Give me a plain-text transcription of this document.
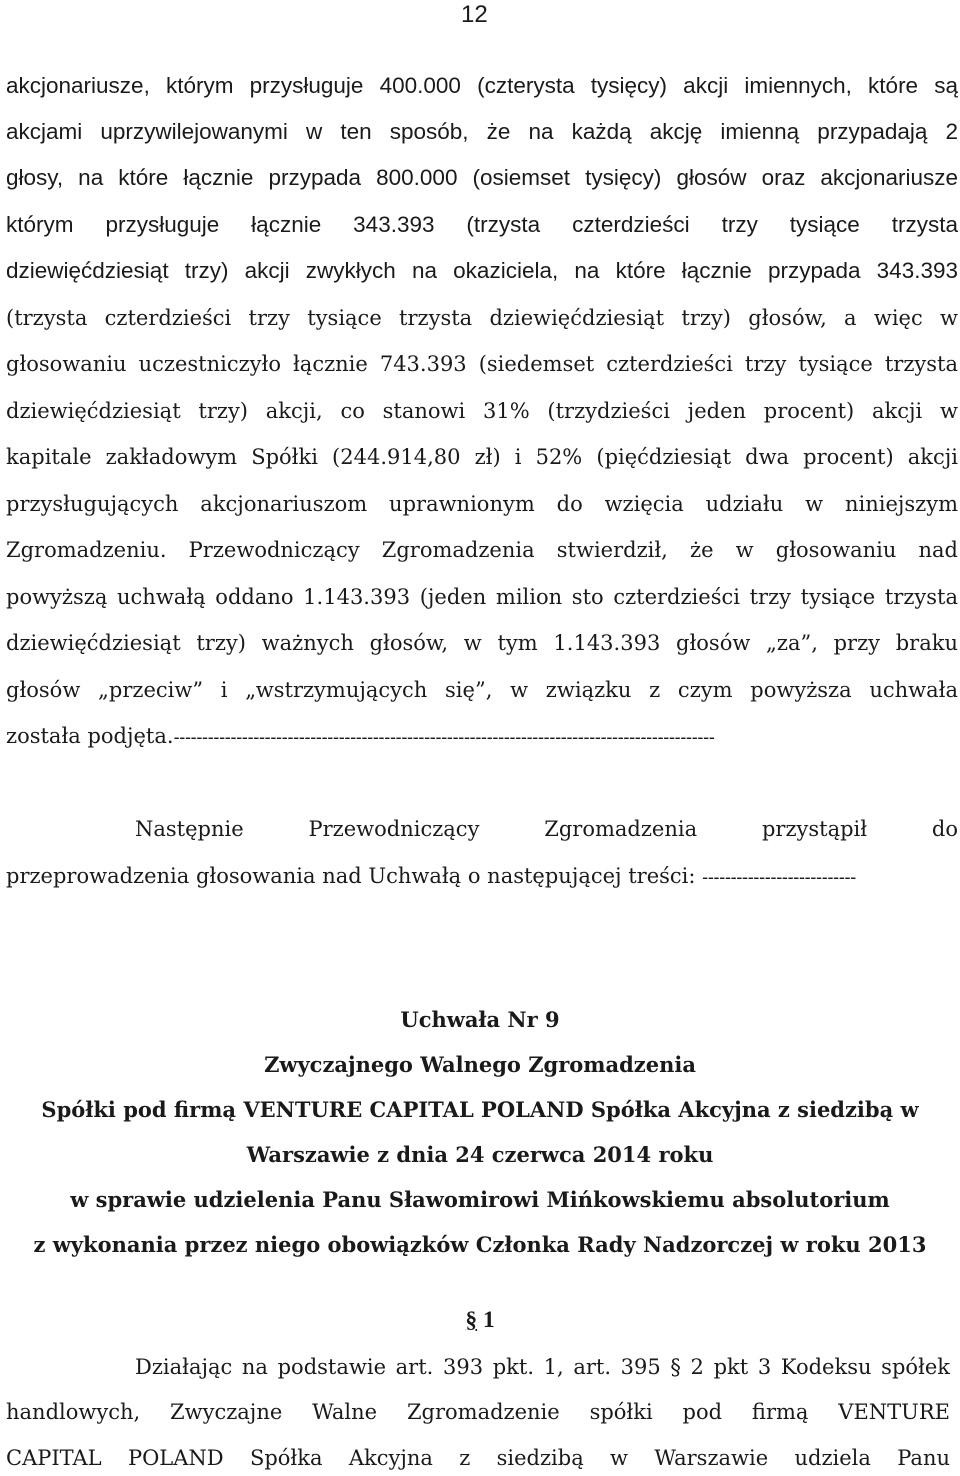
12
akcjonariusze, którym przysługuje 400.000 (czterysta tysięcy) akcji imiennych, które są
akcjami uprzywilejowanymi w ten sposób, że na każdą akcję imienną przypadają 2
głosy, na które łącznie przypada 800.000 (osiemset tysięcy) głosów oraz akcjonariusze
którym przysługuje łącznie 343.393 (trzysta czterdzieści trzy tysiące trzysta
dziewięćdziesiąt trzy) akcji zwykłych na okaziciela, na które łącznie przypada 343.393
(trzysta czterdzieści trzy tysiące trzysta dziewięćdziesiąt trzy) głosów, a więc w
głosowaniu uczestniczyło łącznie 743.393 (siedemset czterdzieści trzy tysiące trzysta
dziewięćdziesiąt trzy) akcji, co stanowi 31% (trzydzieści jeden procent) akcji w
kapitale zakładowym Spółki (244.914,80 zł) i 52% (pięćdziesiąt dwa procent) akcji
przysługujących akcjonariuszom uprawnionym do wzięcia udziału w niniejszym
Zgromadzeniu. Przewodniczący Zgromadzenia stwierdził, że w głosowaniu nad
powyższą uchwałą oddano 1.143.393 (jeden milion sto czterdzieści trzy tysiące trzysta
dziewięćdziesiąt trzy) ważnych głosów, w tym 1.143.393 głosów „za”, przy braku
głosów „przeciw” i „wstrzymujących się”, w związku z czym powyższa uchwała
została podjęta.-----------------------------------------------------------------------------------------------
Następnie Przewodniczący Zgromadzenia przystąpił do
przeprowadzenia głosowania nad Uchwałą o następującej treści: ---------------------------
Uchwała Nr 9
Zwyczajnego Walnego Zgromadzenia
Spółki pod firmą VENTURE CAPITAL POLAND Spółka Akcyjna z siedzibą w
Warszawie z dnia 24 czerwca 2014 roku
w sprawie udzielenia Panu Sławomirowi Mińkowskiemu absolutorium
z wykonania przez niego obowiązków Członka Rady Nadzorczej w roku 2013
§ 1
Działając na podstawie art. 393 pkt. 1, art. 395 § 2 pkt 3 Kodeksu spółek
handlowych, Zwyczajne Walne Zgromadzenie spółki pod firmą VENTURE
CAPITAL POLAND Spółka Akcyjna z siedzibą w Warszawie udziela Panu
